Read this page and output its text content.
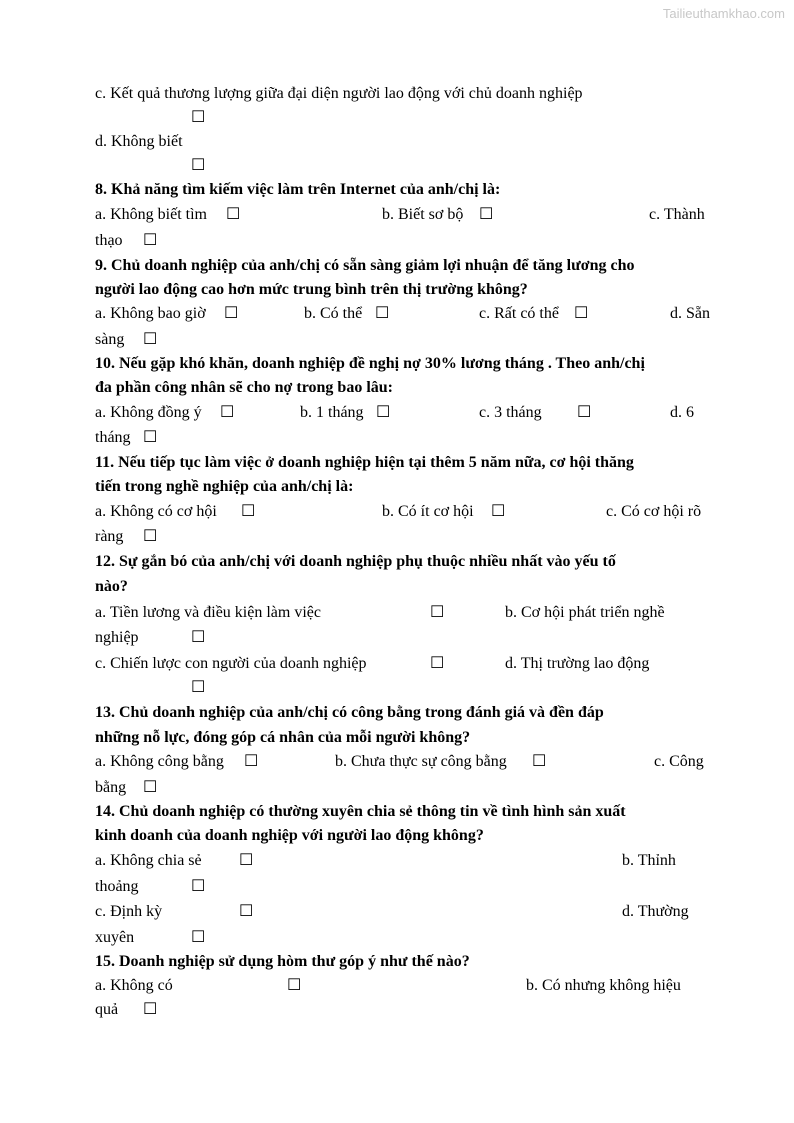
Tailieuthamkhao.com
c. Kết quả thương lượng giữa đại diện người lao động với chủ doanh nghiệp
☐
d. Không biết
☐
8. Khả năng tìm kiếm việc làm trên Internet của anh/chị là:
a. Không biết tìm ☐	b. Biết sơ bộ ☐	c. Thành
thạo ☐
9. Chủ doanh nghiệp của anh/chị có sẵn sàng giảm lợi nhuận để tăng lương cho
người lao động cao hơn mức trung bình trên thị trường không?
a. Không bao giờ ☐	b. Có thể ☐	c. Rất có thể ☐	d. Sẵn
sàng ☐
10. Nếu gặp khó khăn, doanh nghiệp đề nghị nợ 30% lương tháng . Theo anh/chị
đa phần công nhân sẽ cho nợ trong bao lâu:
a. Không đồng ý ☐	b. 1 tháng ☐	c. 3 tháng ☐	d. 6
tháng ☐
11. Nếu tiếp tục làm việc ở doanh nghiệp hiện tại thêm 5 năm nữa, cơ hội thăng
tiến trong nghề nghiệp của anh/chị là:
a. Không có cơ hội ☐	b. Có ít cơ hội ☐	c. Có cơ hội rõ
ràng ☐
12. Sự gắn bó của anh/chị với doanh nghiệp phụ thuộc nhiều nhất vào yếu tố
nào?
a. Tiền lương và điều kiện làm việc	☐	b. Cơ hội phát triển nghề
nghiệp	☐
c. Chiến lược con người của doanh nghiệp	☐	d. Thị trường lao động
☐
13. Chủ doanh nghiệp của anh/chị có công bằng trong đánh giá và đền đáp
những nỗ lực, đóng góp cá nhân của mỗi người không?
a. Không công bằng ☐	b. Chưa thực sự công bằng ☐	c. Công
bằng ☐
14. Chủ doanh nghiệp có thường xuyên chia sẻ thông tin về tình hình sản xuất
kinh doanh của doanh nghiệp với người lao động không?
a. Không chia sẻ ☐	b. Thỉnh
thoảng	☐
c. Định kỳ	☐	d. Thường
xuyên	☐
15. Doanh nghiệp sử dụng hòm thư góp ý như thế nào?
a. Không có	☐	b. Có nhưng không hiệu
quả ☐
